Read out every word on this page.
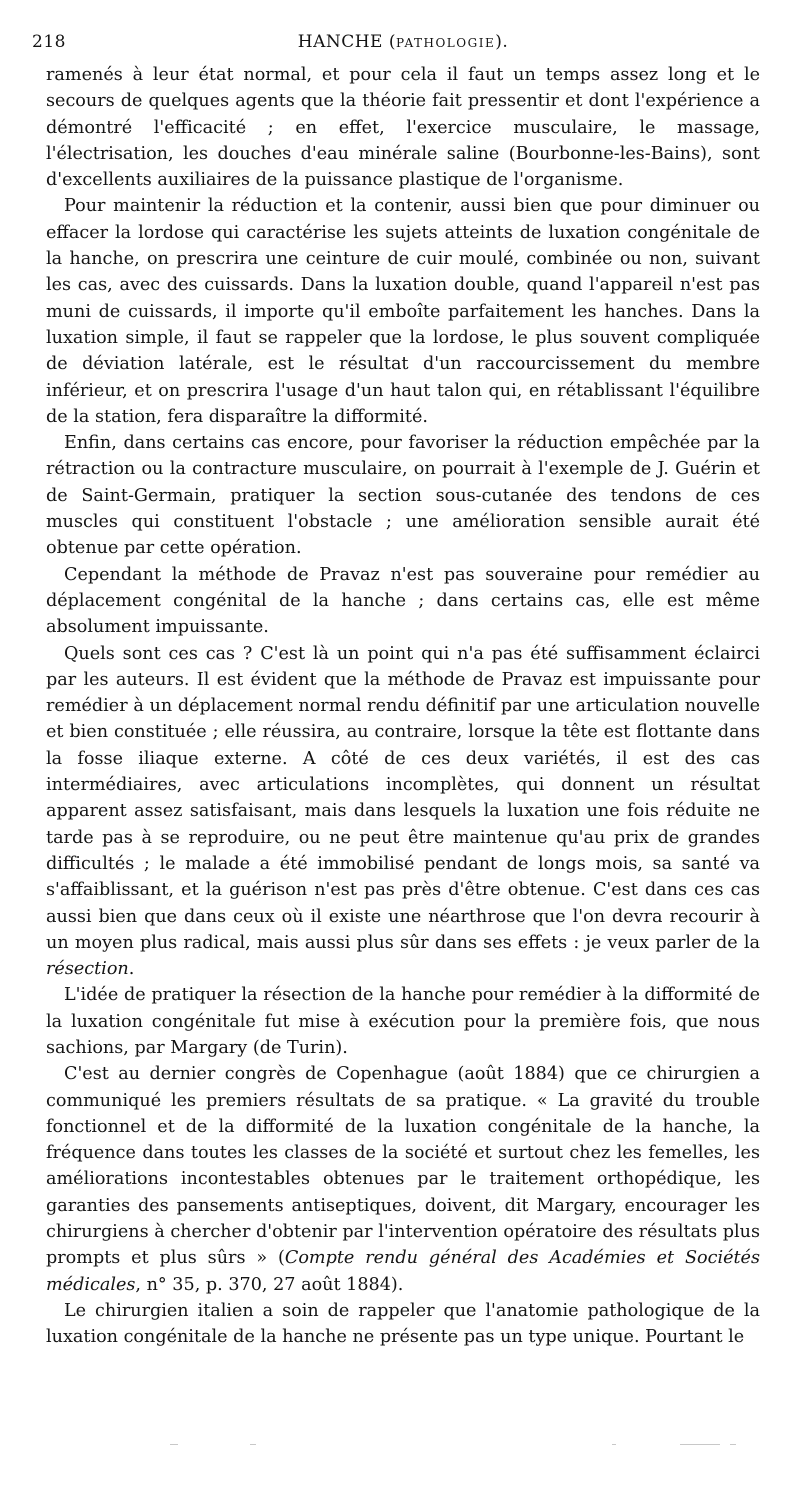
218	HANCHE (PATHOLOGIE).

ramenés à leur état normal, et pour cela il faut un temps assez long et le secours de quelques agents que la théorie fait pressentir et dont l'expérience a démontré l'efficacité ; en effet, l'exercice musculaire, le massage, l'électrisation, les douches d'eau minérale saline (Bourbonne-les-Bains), sont d'excellents auxiliaires de la puissance plastique de l'organisme.

Pour maintenir la réduction et la contenir, aussi bien que pour diminuer ou effacer la lordose qui caractérise les sujets atteints de luxation congénitale de la hanche, on prescrira une ceinture de cuir moulé, combinée ou non, suivant les cas, avec des cuissards. Dans la luxation double, quand l'appareil n'est pas muni de cuissards, il importe qu'il emboîte parfaitement les hanches. Dans la luxation simple, il faut se rappeler que la lordose, le plus souvent compliquée de déviation latérale, est le résultat d'un raccourcissement du membre inférieur, et on prescrira l'usage d'un haut talon qui, en rétablissant l'équilibre de la station, fera disparaître la difformité.

Enfin, dans certains cas encore, pour favoriser la réduction empêchée par la rétraction ou la contracture musculaire, on pourrait à l'exemple de J. Guérin et de Saint-Germain, pratiquer la section sous-cutanée des tendons de ces muscles qui constituent l'obstacle ; une amélioration sensible aurait été obtenue par cette opération.

Cependant la méthode de Pravaz n'est pas souveraine pour remédier au déplacement congénital de la hanche ; dans certains cas, elle est même absolument impuissante.

Quels sont ces cas ? C'est là un point qui n'a pas été suffisamment éclairci par les auteurs. Il est évident que la méthode de Pravaz est impuissante pour remédier à un déplacement normal rendu définitif par une articulation nouvelle et bien constituée ; elle réussira, au contraire, lorsque la tête est flottante dans la fosse iliaque externe. A côté de ces deux variétés, il est des cas intermédiaires, avec articulations incomplètes, qui donnent un résultat apparent assez satisfaisant, mais dans lesquels la luxation une fois réduite ne tarde pas à se reproduire, ou ne peut être maintenue qu'au prix de grandes difficultés ; le malade a été immobilisé pendant de longs mois, sa santé va s'affaiblissant, et la guérison n'est pas près d'être obtenue. C'est dans ces cas aussi bien que dans ceux où il existe une néarthrose que l'on devra recourir à un moyen plus radical, mais aussi plus sûr dans ses effets : je veux parler de la résection.

L'idée de pratiquer la résection de la hanche pour remédier à la difformité de la luxation congénitale fut mise à exécution pour la première fois, que nous sachions, par Margary (de Turin).

C'est au dernier congrès de Copenhague (août 1884) que ce chirurgien a communiqué les premiers résultats de sa pratique. « La gravité du trouble fonctionnel et de la difformité de la luxation congénitale de la hanche, la fréquence dans toutes les classes de la société et surtout chez les femelles, les améliorations incontestables obtenues par le traitement orthopédique, les garanties des pansements antiseptiques, doivent, dit Margary, encourager les chirurgiens à chercher d'obtenir par l'intervention opératoire des résultats plus prompts et plus sûrs » (Compte rendu général des Académies et Sociétés médicales, n° 35, p. 370, 27 août 1884).

Le chirurgien italien a soin de rappeler que l'anatomie pathologique de la luxation congénitale de la hanche ne présente pas un type unique. Pourtant le
